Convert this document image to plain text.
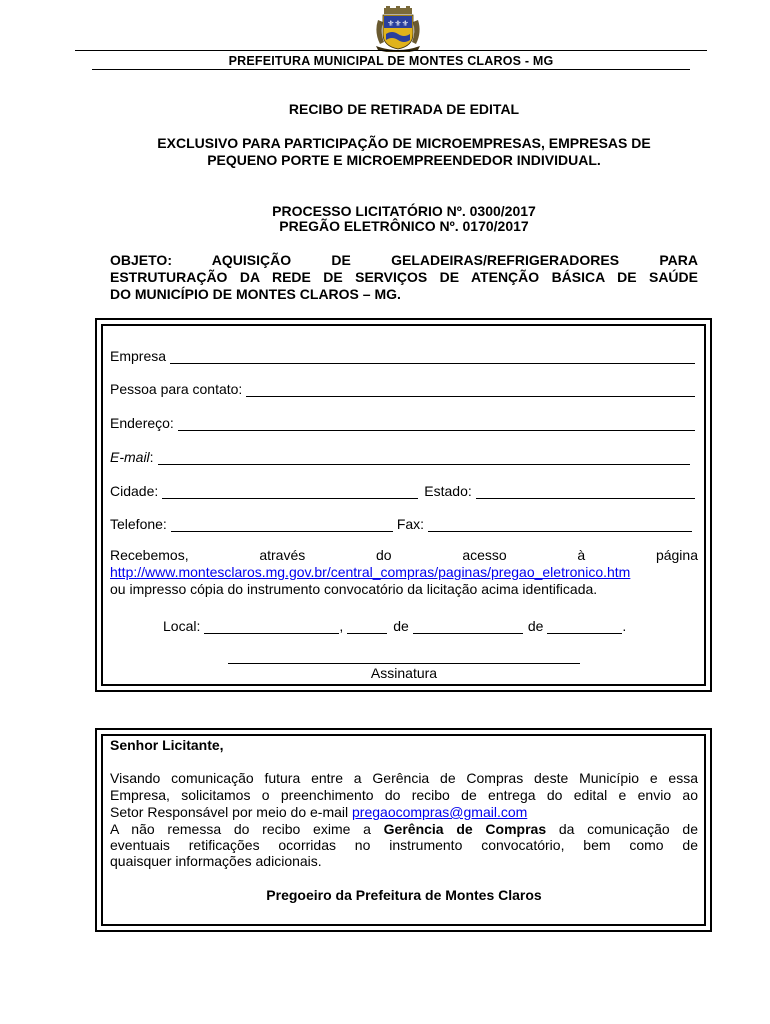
⚜⚜⚜
PREFEITURA MUNICIPAL DE MONTES CLAROS - MG
RECIBO DE RETIRADA DE EDITAL
EXCLUSIVO PARA PARTICIPAÇÃO DE MICROEMPRESAS, EMPRESAS DE
PEQUENO PORTE E MICROEMPREENDEDOR INDIVIDUAL.
PROCESSO LICITATÓRIO Nº. 0300/2017
PREGÃO ELETRÔNICO Nº. 0170/2017
OBJETO: AQUISIÇÃO DE GELADEIRAS/REFRIGERADORES PARA
ESTRUTURAÇÃO DA REDE DE SERVIÇOS DE ATENÇÃO BÁSICA DE SAÚDE
DO MUNICÍPIO DE MONTES CLAROS – MG.
Empresa
Pessoa para contato:
Endereço:
E-mail :
Cidade:	Estado:
Telefone:	Fax:
Recebemos, através do acesso à página
http://www.montesclaros.mg.gov.br/central_compras/paginas/pregao_eletronico.htm
ou impresso cópia do instrumento convocatório da licitação acima identificada.
Local:	,	de	de	.
Assinatura
Senhor Licitante,
Visando comunicação futura entre a Gerência de Compras deste Município e essa
Empresa, solicitamos o preenchimento do recibo de entrega do edital e envio ao
Setor Responsável por meio do e-mail pregaocompras@gmail.com
A não remessa do recibo exime a Gerência de Compras da comunicação de
eventuais retificações ocorridas no instrumento convocatório, bem como de
quaisquer informações adicionais.
Pregoeiro da Prefeitura de Montes Claros
